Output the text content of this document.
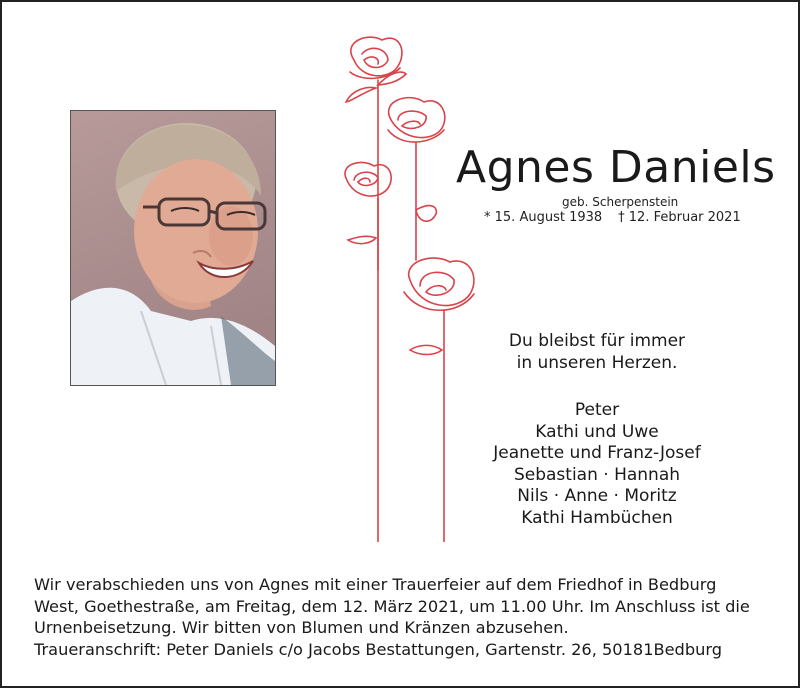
Agnes Daniels
geb. Scherpenstein
* 15. August 1938 † 12. Februar 2021
Du bleibst für immer
in unseren Herzen.
Peter
Kathi und Uwe
Jeanette und Franz-Josef
Sebastian · Hannah
Nils · Anne · Moritz
Kathi Hambüchen
Wir verabschieden uns von Agnes mit einer Trauerfeier auf dem Friedhof in Bedburg
West, Goethestraße, am Freitag, dem 12. März 2021, um 11.00 Uhr. Im Anschluss ist die
Urnenbeisetzung. Wir bitten von Blumen und Kränzen abzusehen.
Traueranschrift: Peter Daniels c/o Jacobs Bestattungen, Gartenstr. 26, 50181Bedburg
